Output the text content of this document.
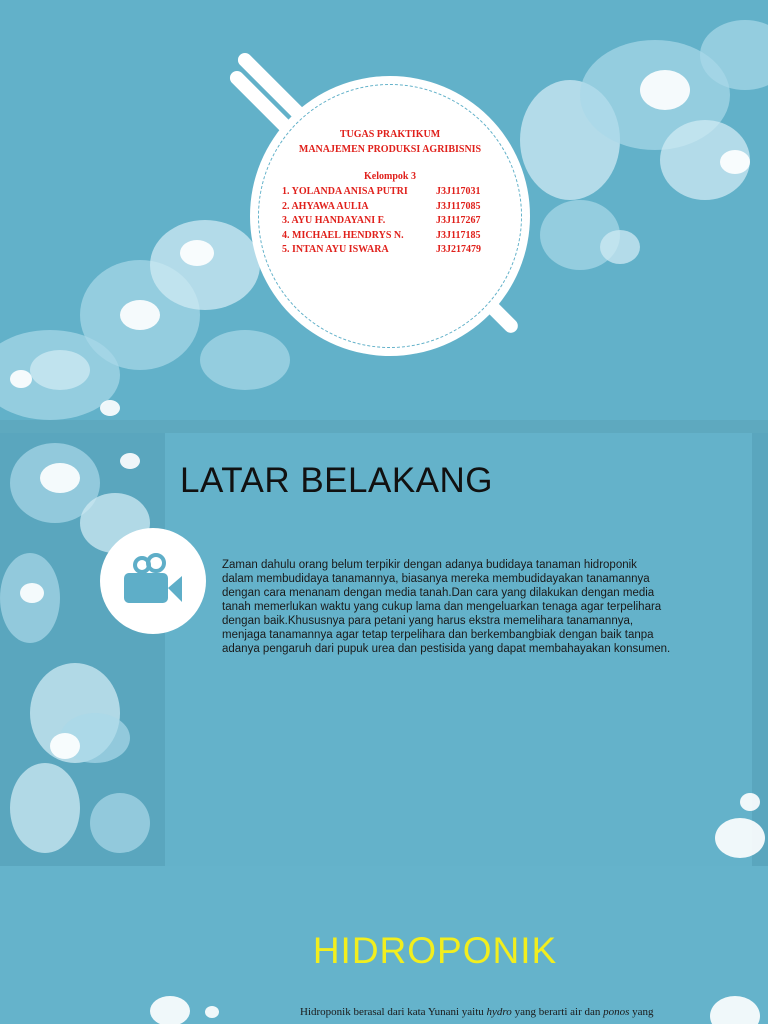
TUGAS PRAKTIKUM
MANAJEMEN PRODUKSI AGRIBISNIS
Kelompok 3
1. YOLANDA ANISA PUTRI	J3J117031
2. AHYAWA AULIA	J3J117085
3. AYU HANDAYANI F.	J3J117267
4. MICHAEL HENDRYS N.	J3J117185
5. INTAN AYU ISWARA	J3J217479
LATAR BELAKANG
Zaman dahulu orang belum terpikir dengan adanya budidaya tanaman hidroponik
dalam membudidaya tanamannya, biasanya mereka membudidayakan tanamannya
dengan cara menanam dengan media tanah.Dan cara yang dilakukan dengan media
tanah memerlukan waktu yang cukup lama dan mengeluarkan tenaga agar terpelihara
dengan baik.Khususnya para petani yang harus ekstra memelihara tanamannya,
menjaga tanamannya agar tetap terpelihara dan berkembangbiak dengan baik tanpa
adanya pengaruh dari pupuk urea dan pestisida yang dapat membahayakan konsumen.
HIDROPONIK
Hidroponik berasal dari kata Yunani yaitu hydro yang berarti air dan ponos yang
